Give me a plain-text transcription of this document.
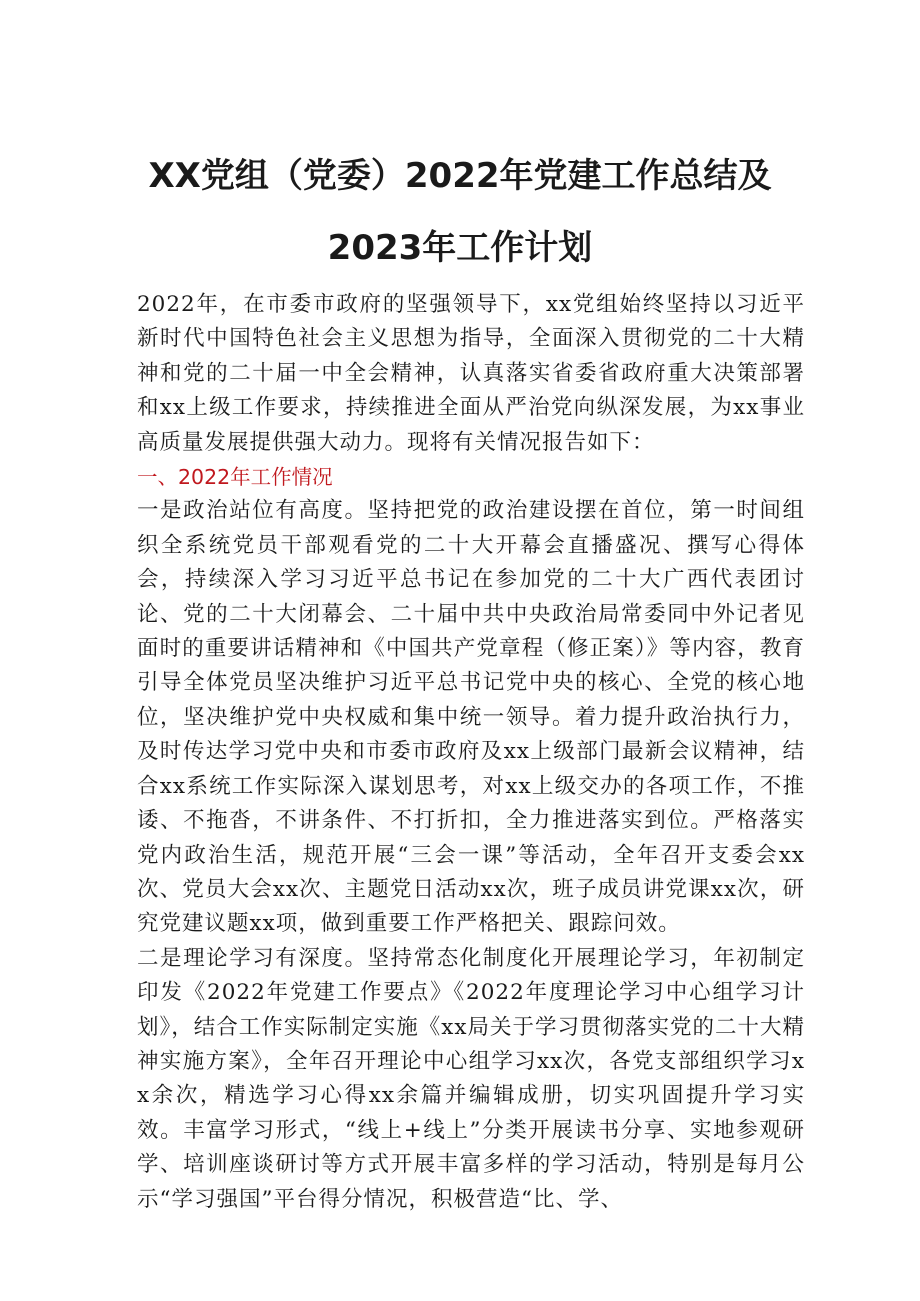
XX党组（党委）2022年党建工作总结及
2023年工作计划

2022年，在市委市政府的坚强领导下，xx党组始终坚持以习近平新时代中国特色社会主义思想为指导，全面深入贯彻党的二十大精神和党的二十届一中全会精神，认真落实省委省政府重大决策部署和xx上级工作要求，持续推进全面从严治党向纵深发展，为xx事业高质量发展提供强大动力。现将有关情况报告如下：

一、2022年工作情况

一是政治站位有高度。坚持把党的政治建设摆在首位，第一时间组织全系统党员干部观看党的二十大开幕会直播盛况、撰写心得体会，持续深入学习习近平总书记在参加党的二十大广西代表团讨论、党的二十大闭幕会、二十届中共中央政治局常委同中外记者见面时的重要讲话精神和《中国共产党章程（修正案）》等内容，教育引导全体党员坚决维护习近平总书记党中央的核心、全党的核心地位，坚决维护党中央权威和集中统一领导。着力提升政治执行力，及时传达学习党中央和市委市政府及xx上级部门最新会议精神，结合xx系统工作实际深入谋划思考，对xx上级交办的各项工作，不推诿、不拖沓，不讲条件、不打折扣，全力推进落实到位。严格落实党内政治生活，规范开展“三会一课”等活动，全年召开支委会xx次、党员大会xx次、主题党日活动xx次，班子成员讲党课xx次，研究党建议题xx项，做到重要工作严格把关、跟踪问效。

二是理论学习有深度。坚持常态化制度化开展理论学习，年初制定印发《2022年党建工作要点》《2022年度理论学习中心组学习计划》，结合工作实际制定实施《xx局关于学习贯彻落实党的二十大精神实施方案》，全年召开理论中心组学习xx次，各党支部组织学习xx余次，精选学习心得xx余篇并编辑成册，切实巩固提升学习实效。丰富学习形式，“线上+线上”分类开展读书分享、实地参观研学、培训座谈研讨等方式开展丰富多样的学习活动，特别是每月公示“学习强国”平台得分情况，积极营造“比、学、
